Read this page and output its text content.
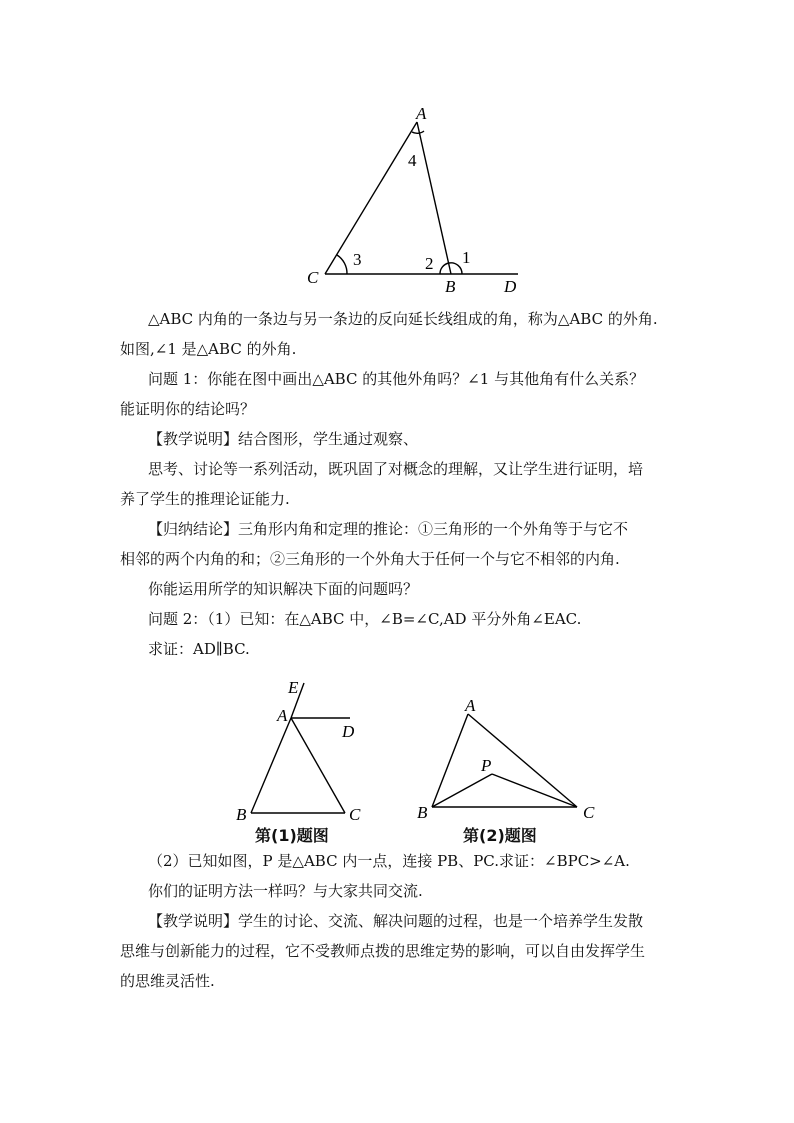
A
C	B	D
4
3	2 1
△ABC 内角的一条边与另一条边的反向延长线组成的角，称为△ABC 的外角.
如图,∠1 是△ABC 的外角.
问题 1：你能在图中画出△ABC 的其他外角吗？∠1 与其他角有什么关系？
能证明你的结论吗？
【教学说明】结合图形，学生通过观察、
思考、讨论等一系列活动，既巩固了对概念的理解，又让学生进行证明，培
养了学生的推理论证能力.
【归纳结论】三角形内角和定理的推论：①三角形的一个外角等于与它不
相邻的两个内角的和；②三角形的一个外角大于任何一个与它不相邻的内角.
你能运用所学的知识解决下面的问题吗？
问题 2：（1）已知：在△ABC 中，∠B=∠C,AD 平分外角∠EAC.
求证：AD∥BC.
E
A
D
B	C
第(1)题图
A
P
B	C
第(2)题图
（2）已知如图，P 是△ABC 内一点，连接 PB、PC.求证：∠BPC>∠A.
你们的证明方法一样吗？与大家共同交流.
【教学说明】学生的讨论、交流、解决问题的过程，也是一个培养学生发散
思维与创新能力的过程，它不受教师点拨的思维定势的影响，可以自由发挥学生
的思维灵活性.
